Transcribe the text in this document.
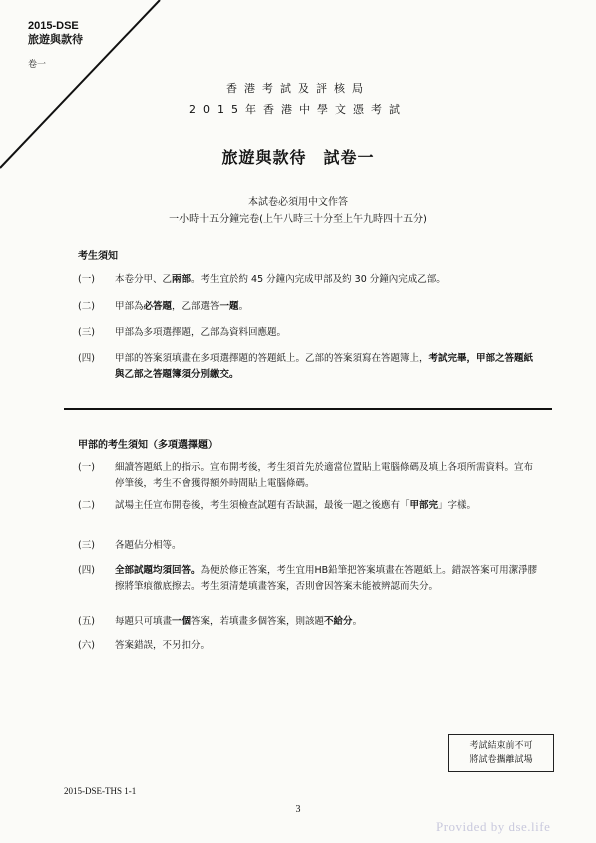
2015-DSE
旅遊與款待
卷一
香港考試及評核局
2015年香港中學文憑考試
旅遊與款待　試卷一
本試卷必須用中文作答
一小時十五分鐘完卷(上午八時三十分至上午九時四十五分)
考生須知
(一)	本卷分甲、乙兩部。考生宜於約 45 分鐘內完成甲部及約 30 分鐘內完成乙部。
(二)	甲部為必答題，乙部選答一題。
(三)	甲部為多項選擇題，乙部為資料回應題。
(四)	甲部的答案須填畫在多項選擇題的答題紙上。乙部的答案須寫在答題簿上，考試完畢，甲部之答題紙與乙部之答題簿須分別繳交。
甲部的考生須知（多項選擇題）
(一)	細讀答題紙上的指示。宣布開考後，考生須首先於適當位置貼上電腦條碼及填上各項所需資料。宣布停筆後，考生不會獲得額外時間貼上電腦條碼。
(二)	試場主任宣布開卷後，考生須檢查試題有否缺漏，最後一題之後應有「甲部完」字樣。
(三)	各題佔分相等。
(四)	全部試題均須回答。為便於修正答案，考生宜用HB鉛筆把答案填畫在答題紙上。錯誤答案可用潔淨膠擦將筆痕徹底擦去。考生須清楚填畫答案，否則會因答案未能被辨認而失分。
(五)	每題只可填畫一個答案，若填畫多個答案，則該題不給分。
(六)	答案錯誤，不另扣分。
考試結束前不可
將試卷攜離試場
2015-DSE-THS 1-1
3
Provided by dse.life
